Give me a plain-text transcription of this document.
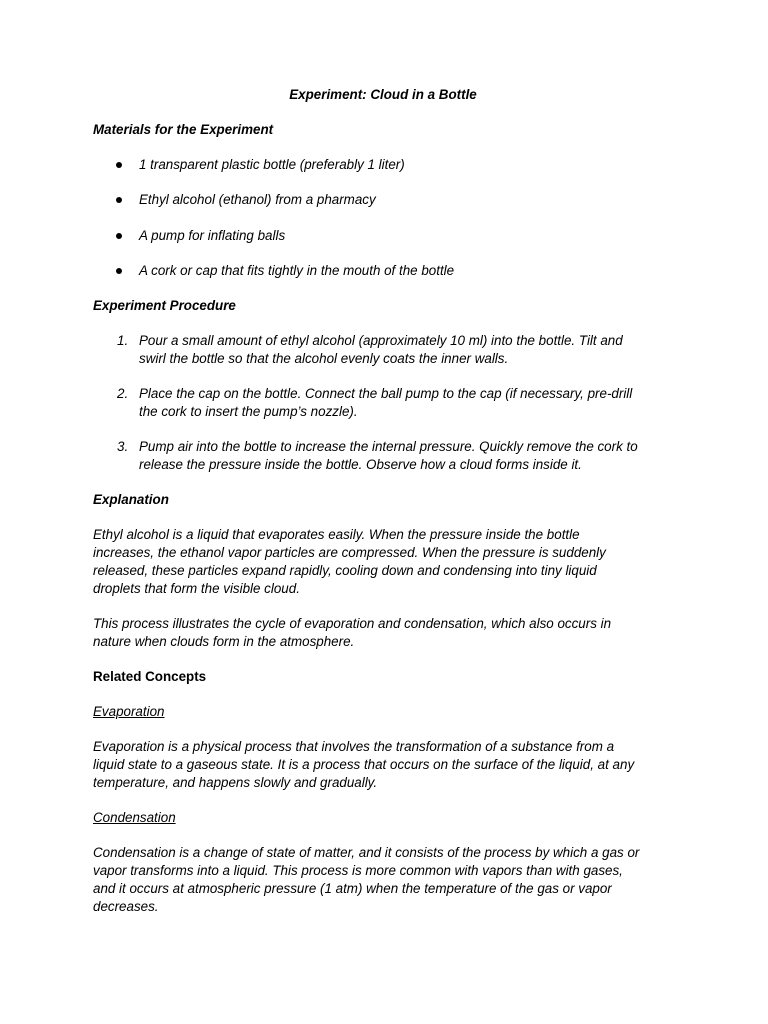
Experiment: Cloud in a Bottle

Materials for the Experiment

1 transparent plastic bottle (preferably 1 liter)
Ethyl alcohol (ethanol) from a pharmacy
A pump for inflating balls
A cork or cap that fits tightly in the mouth of the bottle

Experiment Procedure

1. Pour a small amount of ethyl alcohol (approximately 10 ml) into the bottle. Tilt and
swirl the bottle so that the alcohol evenly coats the inner walls.
2. Place the cap on the bottle. Connect the ball pump to the cap (if necessary, pre-drill
the cork to insert the pump’s nozzle).
3. Pump air into the bottle to increase the internal pressure. Quickly remove the cork to
release the pressure inside the bottle. Observe how a cloud forms inside it.

Explanation

Ethyl alcohol is a liquid that evaporates easily. When the pressure inside the bottle
increases, the ethanol vapor particles are compressed. When the pressure is suddenly
released, these particles expand rapidly, cooling down and condensing into tiny liquid
droplets that form the visible cloud.
This process illustrates the cycle of evaporation and condensation, which also occurs in
nature when clouds form in the atmosphere.

Related Concepts

Evaporation

Evaporation is a physical process that involves the transformation of a substance from a
liquid state to a gaseous state. It is a process that occurs on the surface of the liquid, at any
temperature, and happens slowly and gradually.

Condensation

Condensation is a change of state of matter, and it consists of the process by which a gas or
vapor transforms into a liquid. This process is more common with vapors than with gases,
and it occurs at atmospheric pressure (1 atm) when the temperature of the gas or vapor
decreases.
